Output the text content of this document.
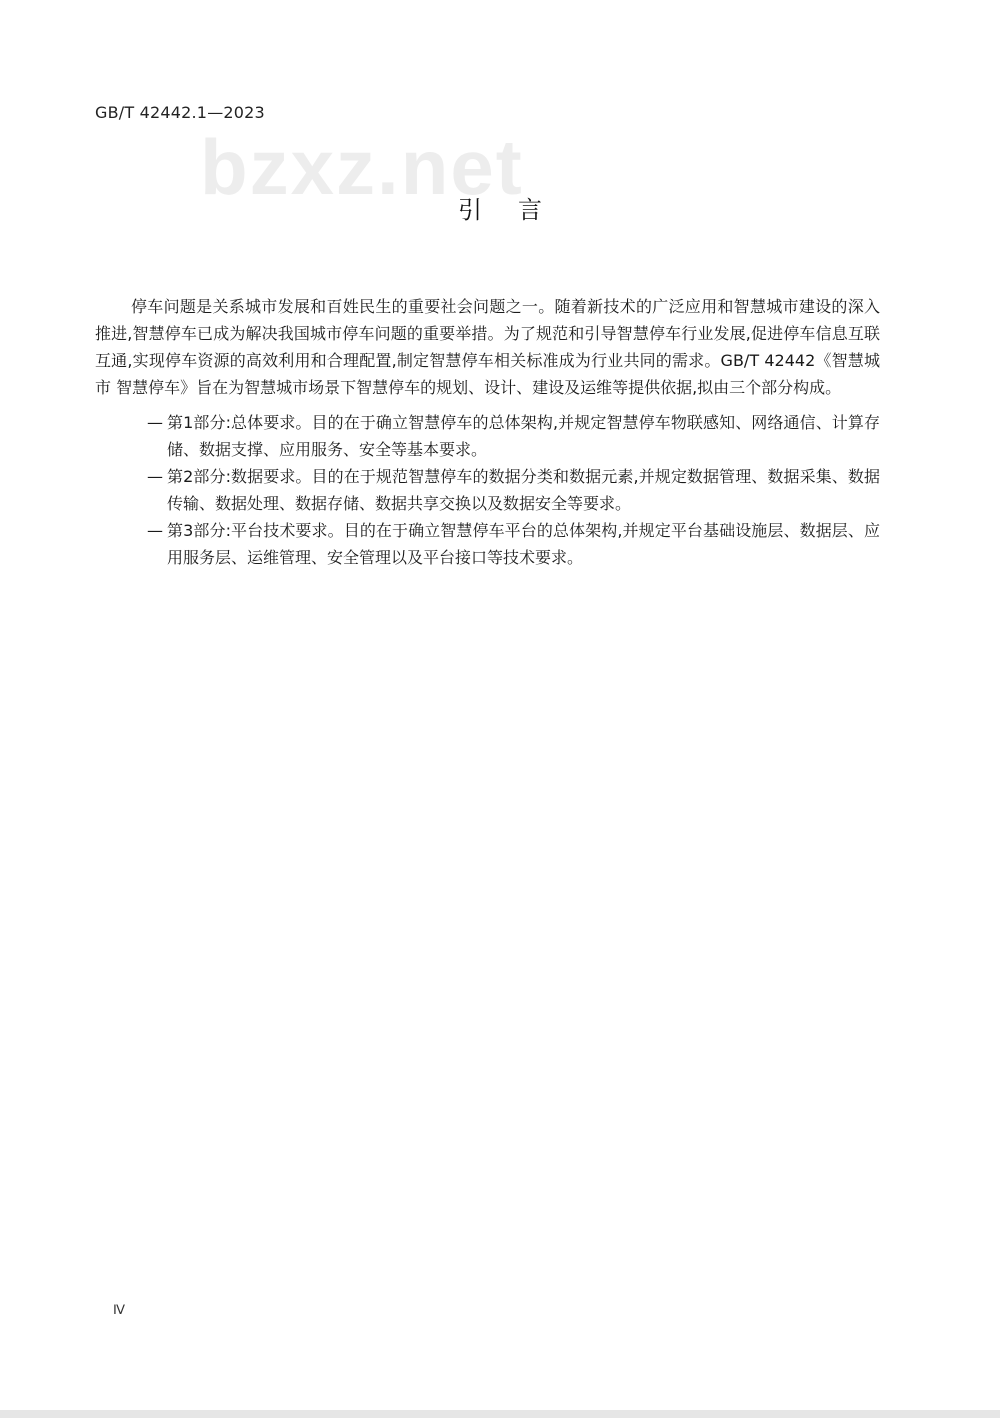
GB/T 42442.1—2023
bzxz.net
引言

停车问题是关系城市发展和百姓民生的重要社会问题之一。随着新技术的广泛应用和智慧城市建设的深入推进,智慧停车已成为解决我国城市停车问题的重要举措。为了规范和引导智慧停车行业发展,促进停车信息互联互通,实现停车资源的高效利用和合理配置,制定智慧停车相关标准成为行业共同的需求。GB/T 42442《智慧城市 智慧停车》旨在为智慧城市场景下智慧停车的规划、设计、建设及运维等提供依据,拟由三个部分构成。

— 第1部分:总体要求。目的在于确立智慧停车的总体架构,并规定智慧停车物联感知、网络通信、计算存储、数据支撑、应用服务、安全等基本要求。
— 第2部分:数据要求。目的在于规范智慧停车的数据分类和数据元素,并规定数据管理、数据采集、数据传输、数据处理、数据存储、数据共享交换以及数据安全等要求。
— 第3部分:平台技术要求。目的在于确立智慧停车平台的总体架构,并规定平台基础设施层、数据层、应用服务层、运维管理、安全管理以及平台接口等技术要求。
Ⅳ
